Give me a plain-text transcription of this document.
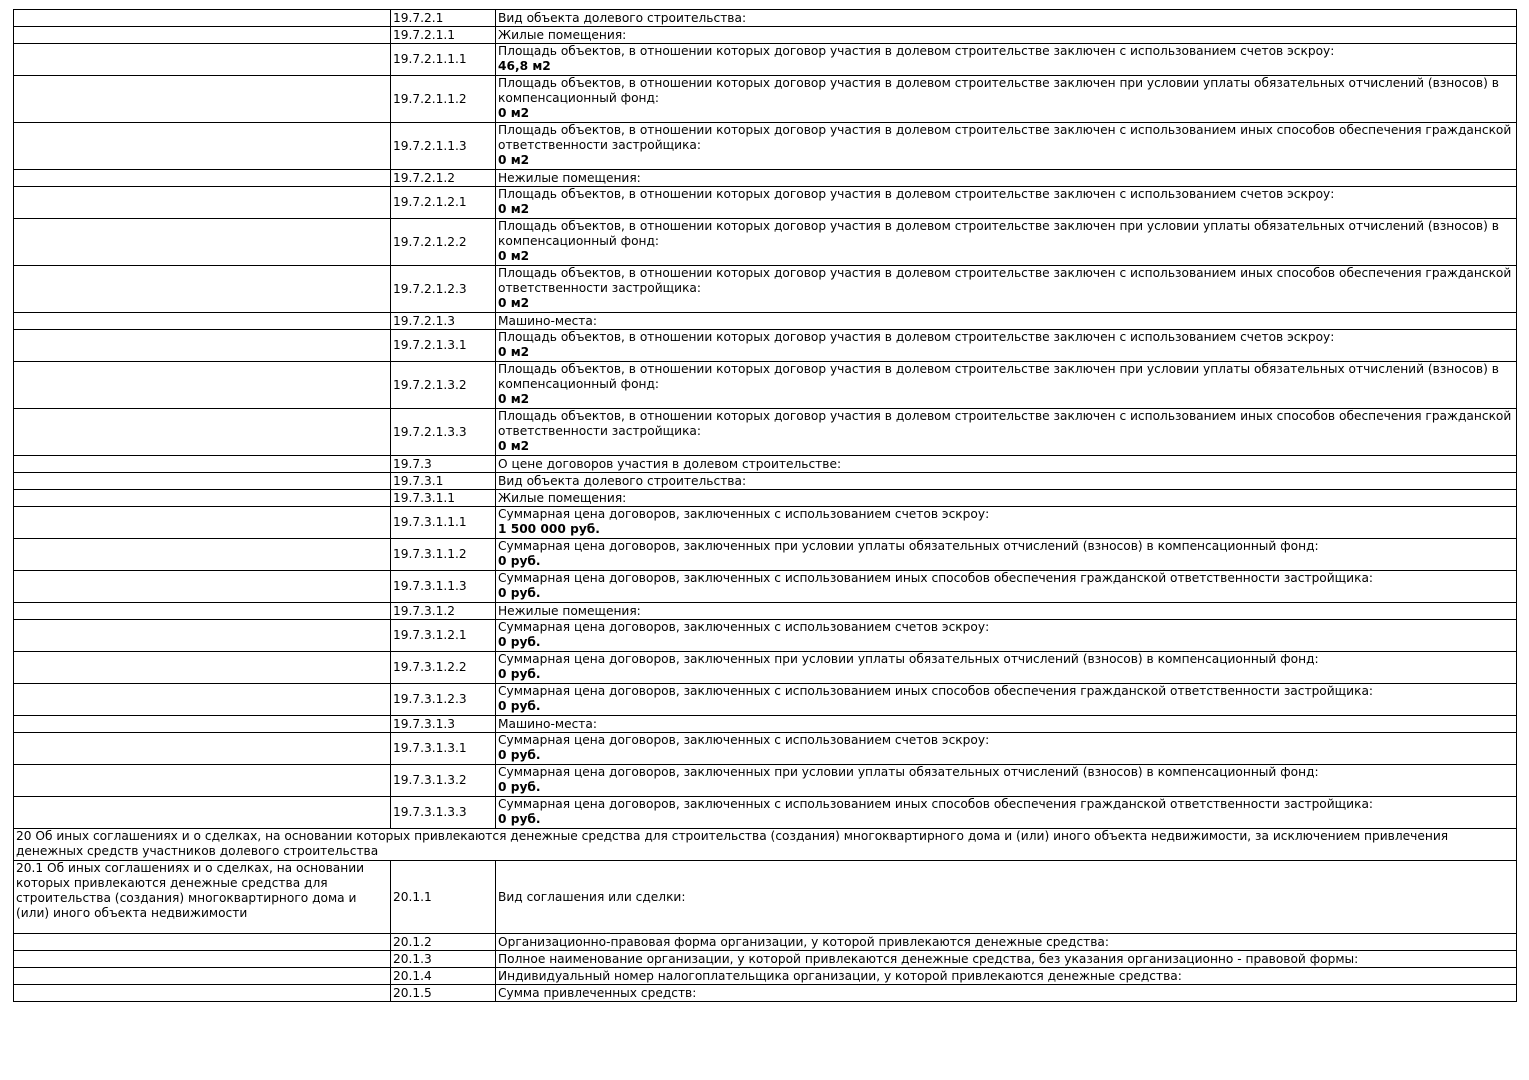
	19.7.2.1	Вид объекта долевого строительства:
	19.7.2.1.1	Жилые помещения:
	19.7.2.1.1.1	Площадь объектов, в отношении которых договор участия в долевом строительстве заключен с использованием счетов эскроу:
46,8 м2

	19.7.2.1.1.2	Площадь объектов, в отношении которых договор участия в долевом строительстве заключен при условии уплаты обязательных отчислений (взносов) в компенсационный фонд:
0 м2

	19.7.2.1.1.3	Площадь объектов, в отношении которых договор участия в долевом строительстве заключен с использованием иных способов обеспечения гражданской ответственности застройщика:
0 м2

	19.7.2.1.2	Нежилые помещения:
	19.7.2.1.2.1	Площадь объектов, в отношении которых договор участия в долевом строительстве заключен с использованием счетов эскроу:
0 м2

	19.7.2.1.2.2	Площадь объектов, в отношении которых договор участия в долевом строительстве заключен при условии уплаты обязательных отчислений (взносов) в компенсационный фонд:
0 м2

	19.7.2.1.2.3	Площадь объектов, в отношении которых договор участия в долевом строительстве заключен с использованием иных способов обеспечения гражданской ответственности застройщика:
0 м2

	19.7.2.1.3	Машино-места:
	19.7.2.1.3.1	Площадь объектов, в отношении которых договор участия в долевом строительстве заключен с использованием счетов эскроу:
0 м2

	19.7.2.1.3.2	Площадь объектов, в отношении которых договор участия в долевом строительстве заключен при условии уплаты обязательных отчислений (взносов) в компенсационный фонд:
0 м2

	19.7.2.1.3.3	Площадь объектов, в отношении которых договор участия в долевом строительстве заключен с использованием иных способов обеспечения гражданской ответственности застройщика:
0 м2

	19.7.3	О цене договоров участия в долевом строительстве:
	19.7.3.1	Вид объекта долевого строительства:
	19.7.3.1.1	Жилые помещения:
	19.7.3.1.1.1	Суммарная цена договоров, заключенных с использованием счетов эскроу:
1 500 000 руб.

	19.7.3.1.1.2	Суммарная цена договоров, заключенных при условии уплаты обязательных отчислений (взносов) в компенсационный фонд:
0 руб.

	19.7.3.1.1.3	Суммарная цена договоров, заключенных с использованием иных способов обеспечения гражданской ответственности застройщика:
0 руб.

	19.7.3.1.2	Нежилые помещения:
	19.7.3.1.2.1	Суммарная цена договоров, заключенных с использованием счетов эскроу:
0 руб.

	19.7.3.1.2.2	Суммарная цена договоров, заключенных при условии уплаты обязательных отчислений (взносов) в компенсационный фонд:
0 руб.

	19.7.3.1.2.3	Суммарная цена договоров, заключенных с использованием иных способов обеспечения гражданской ответственности застройщика:
0 руб.

	19.7.3.1.3	Машино-места:
	19.7.3.1.3.1	Суммарная цена договоров, заключенных с использованием счетов эскроу:
0 руб.

	19.7.3.1.3.2	Суммарная цена договоров, заключенных при условии уплаты обязательных отчислений (взносов) в компенсационный фонд:
0 руб.

	19.7.3.1.3.3	Суммарная цена договоров, заключенных с использованием иных способов обеспечения гражданской ответственности застройщика:
0 руб.

20 Об иных соглашениях и о сделках, на основании которых привлекаются денежные средства для строительства (создания) многоквартирного дома и (или) иного объекта недвижимости, за исключением привлечения денежных средств участников долевого строительства		
20.1 Об иных соглашениях и о сделках, на основании которых привлекаются денежные средства для строительства (создания) многоквартирного дома и (или) иного объекта недвижимости	20.1.1	Вид соглашения или сделки:
	20.1.2	Организационно-правовая форма организации, у которой привлекаются денежные средства:
	20.1.3	Полное наименование организации, у которой привлекаются денежные средства, без указания организационно - правовой формы:
	20.1.4	Индивидуальный номер налогоплательщика организации, у которой привлекаются денежные средства:
	20.1.5	Сумма привлеченных средств:
